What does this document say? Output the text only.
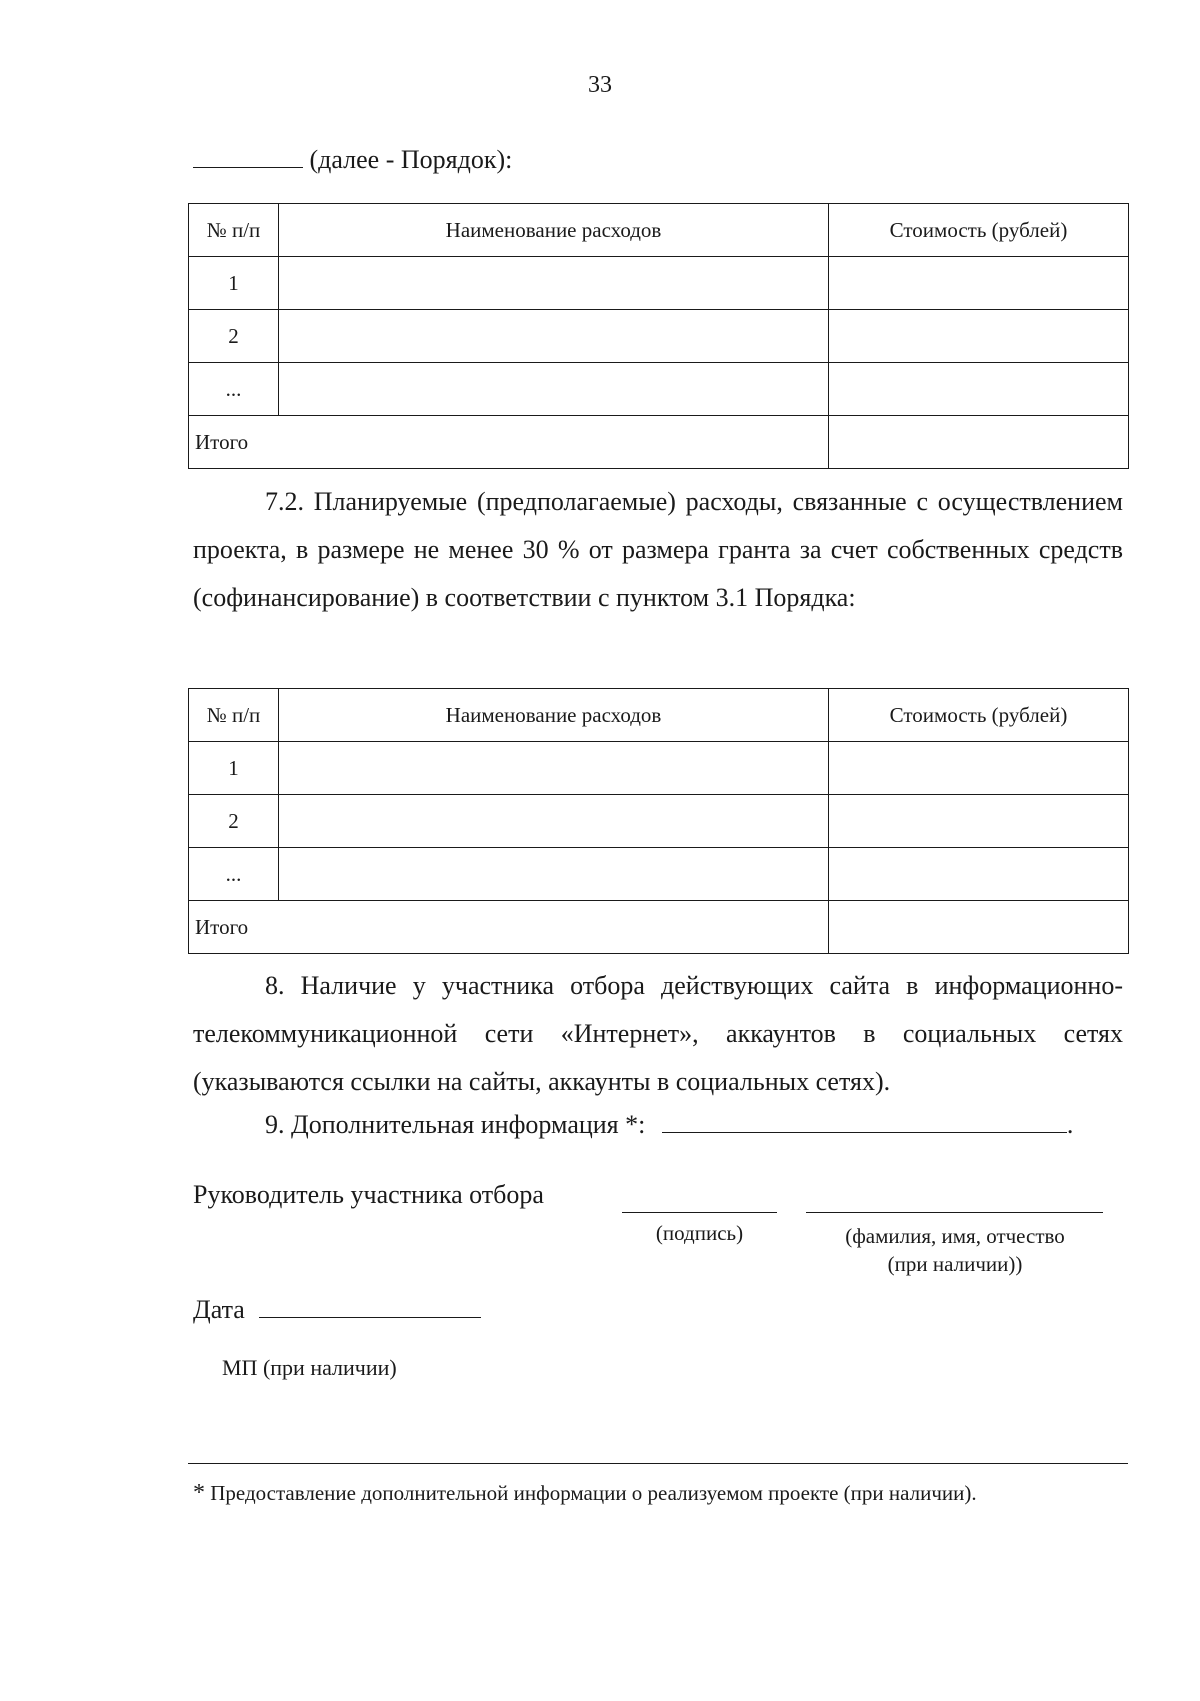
33
(далее - Порядок):
№ п/п	Наименование расходов	Стоимость (рублей)
1		
2		
...		
Итого		
7.2. Планируемые (предполагаемые) расходы, связанные с осуществлением проекта, в размере не менее 30 % от размера гранта за счет собственных средств (софинансирование) в соответствии с пунктом 3.1 Порядка:
№ п/п	Наименование расходов	Стоимость (рублей)
1		
2		
...		
Итого		
8. Наличие у участника отбора действующих сайта в информационно-телекоммуникационной сети «Интернет», аккаунтов в социальных сетях (указываются ссылки на сайты, аккаунты в социальных сетях).
9. Дополнительная информация *:	.
Руководитель участника отбора
(подпись)	(фамилия, имя, отчество
(при наличии))
Дата
МП (при наличии)
* Предоставление дополнительной информации о реализуемом проекте (при наличии).
